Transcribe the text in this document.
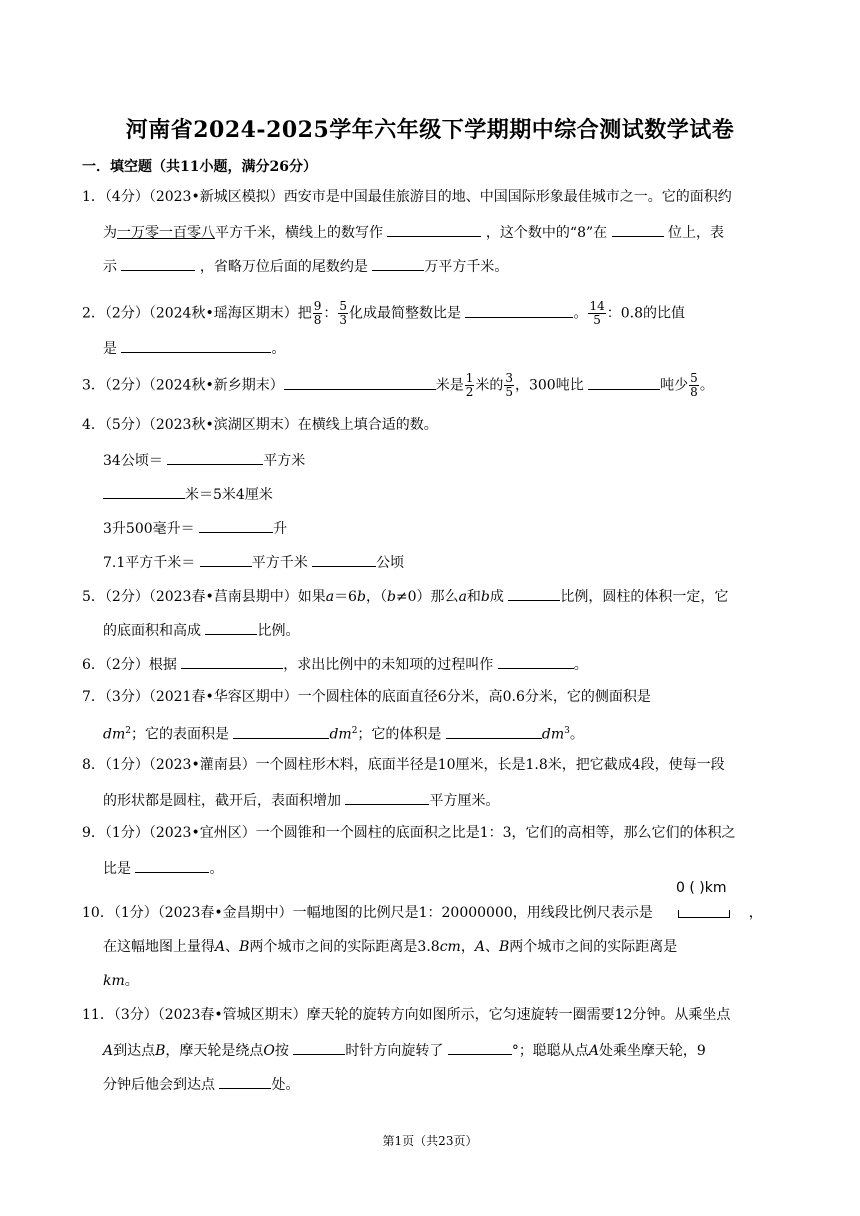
河南省2024-2025学年六年级下学期期中综合测试数学试卷
一．填空题（共11小题，满分26分）
1．（4分）（2023•新城区模拟）西安市是中国最佳旅游目的地、中国国际形象最佳城市之一。它的面积约
为一万零一百零八平方千米，横线上的数写作	，这个数中的“8”在	位上，表
示	，省略万位后面的尾数约是	万平方千米。
2．（2分）（2024秋•瑶海区期末）把 $\frac{9}{8}$ ： $\frac{5}{3}$ 化成最简整数比是	。 $\frac{14}{5}$ ：0.8的比值
是	。
3．（2分）（2024秋•新乡期末）	米是 $\frac{1}{2}$ 米的 $\frac{3}{5}$ ，300吨比	吨少 $\frac{5}{8}$ 。
4．（5分）（2023秋•滨湖区期末）在横线上填合适的数。
34公顷＝	平方米
米＝5米4厘米
3升500毫升＝	升
7.1平方千米＝	平方千米	公顷
5．（2分）（2023春•莒南县期中）如果a＝6b，（b≠0）那么a和b成	比例，圆柱的体积一定，它
的底面积和高成	比例。
6．（2分）根据	，求出比例中的未知项的过程叫作	。
7．（3分）（2021春•华容区期中）一个圆柱体的底面直径6分米，高0.6分米，它的侧面积是
$dm^2$；它的表面积是	$dm^2$；它的体积是	$dm^3$。
8．（1分）（2023•灌南县）一个圆柱形木料，底面半径是10厘米，长是1.8米，把它截成4段，使每一段
的形状都是圆柱，截开后，表面积增加	平方厘米。
9．（1分）（2023•宜州区）一个圆锥和一个圆柱的底面积之比是1：3，它们的高相等，那么它们的体积之
比是	。
0 ( )km
10．（1分）（2023春•金昌期中）一幅地图的比例尺是1：20000000，用线段比例尺表示是	，
在这幅地图上量得A、B两个城市之间的实际距离是3.8cm，A、B两个城市之间的实际距离是
km。
11．（3分）（2023春•管城区期末）摩天轮的旋转方向如图所示，它匀速旋转一圈需要12分钟。从乘坐点
A到达点B，摩天轮是绕点O按	时针方向旋转了	°；聪聪从点A处乘坐摩天轮，9
分钟后他会到达点	处。
第1页（共23页）
